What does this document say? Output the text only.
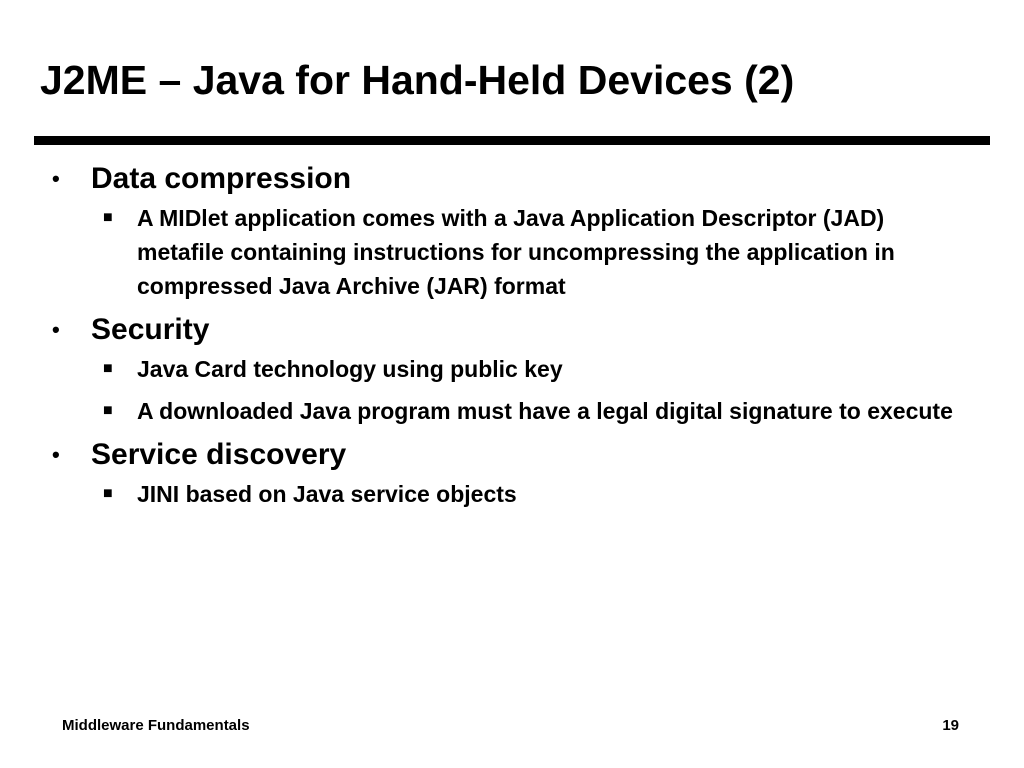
J2ME – Java for Hand-Held Devices (2)
• Data compression
■ A MIDlet application comes with a Java Application Descriptor (JAD) metafile containing instructions for uncompressing the application in compressed Java Archive (JAR) format
• Security
■ Java Card technology using public key
■ A downloaded Java program must have a legal digital signature to execute
• Service discovery
■ JINI based on Java service objects
Middleware Fundamentals	19
